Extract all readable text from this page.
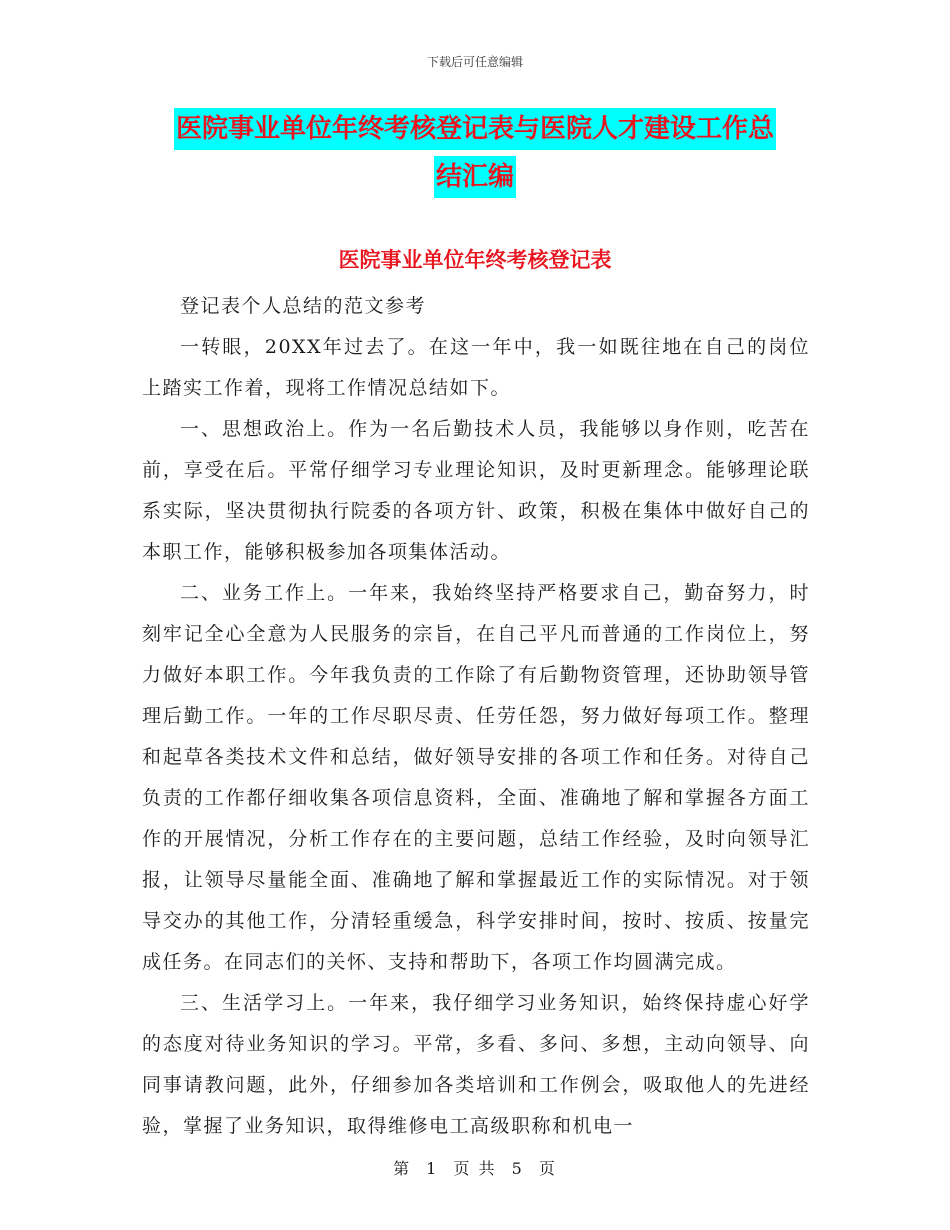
下载后可任意编辑
医院事业单位年终考核登记表与医院人才建设工作总
结汇编
医院事业单位年终考核登记表

登记表个人总结的范文参考

一转眼，20XX年过去了。在这一年中，我一如既往地在自己的岗位上踏实工作着，现将工作情况总结如下。

一、思想政治上。作为一名后勤技术人员，我能够以身作则，吃苦在前，享受在后。平常仔细学习专业理论知识，及时更新理念。能够理论联系实际，坚决贯彻执行院委的各项方针、政策，积极在集体中做好自己的本职工作，能够积极参加各项集体活动。

二、业务工作上。一年来，我始终坚持严格要求自己，勤奋努力，时刻牢记全心全意为人民服务的宗旨，在自己平凡而普通的工作岗位上，努力做好本职工作。今年我负责的工作除了有后勤物资管理，还协助领导管理后勤工作。一年的工作尽职尽责、任劳任怨，努力做好每项工作。整理和起草各类技术文件和总结，做好领导安排的各项工作和任务。对待自己负责的工作都仔细收集各项信息资料，全面、准确地了解和掌握各方面工作的开展情况，分析工作存在的主要问题，总结工作经验，及时向领导汇报，让领导尽量能全面、准确地了解和掌握最近工作的实际情况。对于领导交办的其他工作，分清轻重缓急，科学安排时间，按时、按质、按量完成任务。在同志们的关怀、支持和帮助下，各项工作均圆满完成。

三、生活学习上。一年来，我仔细学习业务知识，始终保持虚心好学的态度对待业务知识的学习。平常，多看、多问、多想，主动向领导、向同事请教问题，此外，仔细参加各类培训和工作例会，吸取他人的先进经验，掌握了业务知识，取得维修电工高级职称和机电一

第 1 页 共 5 页
